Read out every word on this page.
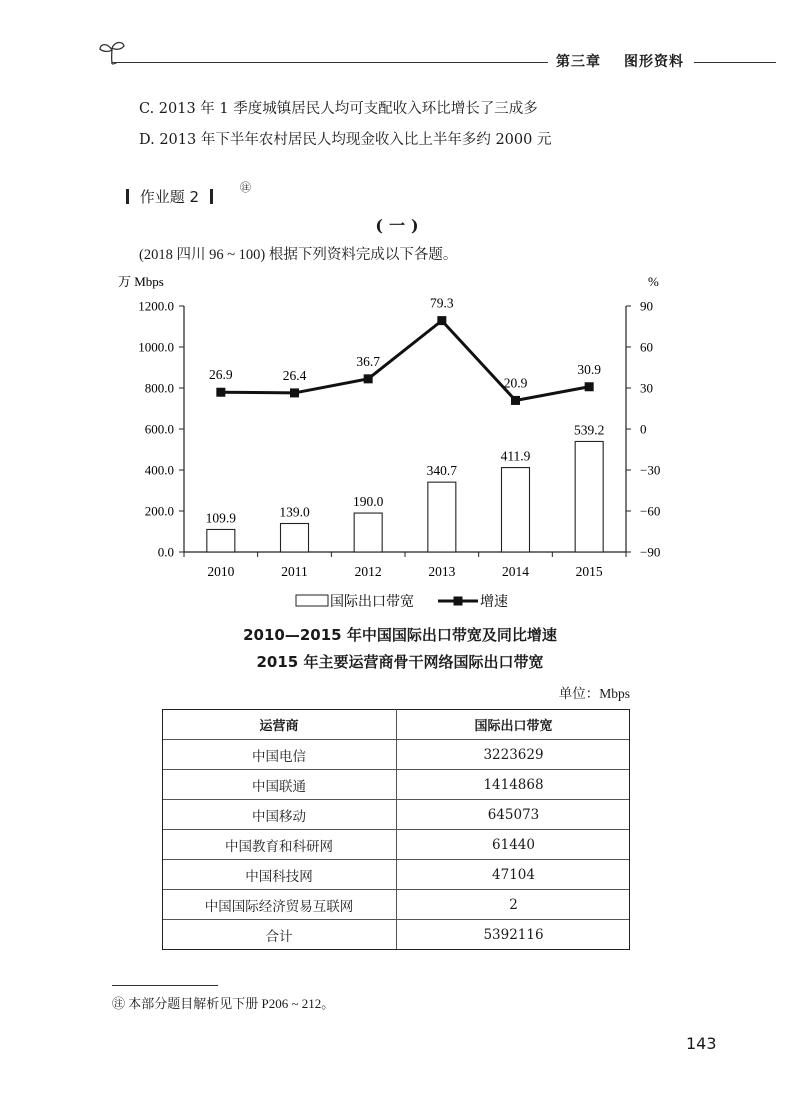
第三章 图形资料
C. 2013 年 1 季度城镇居民人均可支配收入环比增长了三成多
D. 2013 年下半年农村居民人均现金收入比上半年多约 2000 元
作业题 2
㊟
(一)
(2018 四川 96 ~ 100) 根据下列资料完成以下各题。
万 Mbps	%
0.0
200.0
400.0
600.0
800.0
1000.0
1200.0
−90
−60
−30
0
30
60
90
109.9	139.0
190.0
340.7
411.9
539.2
26.9	26.4
36.7
79.3
20.9
30.9
2010	2011	2012	2013	2014	2015
国际出口带宽	增速
2010—2015 年中国国际出口带宽及同比增速
2015 年主要运营商骨干网络国际出口带宽
单位：Mbps
运营商	国际出口带宽
中国电信	3223629
中国联通	1414868
中国移动	645073
中国教育和科研网	61440
中国科技网	47104
中国国际经济贸易互联网	2
合计	5392116
㊟ 本部分题目解析见下册 P206 ~ 212。
143
